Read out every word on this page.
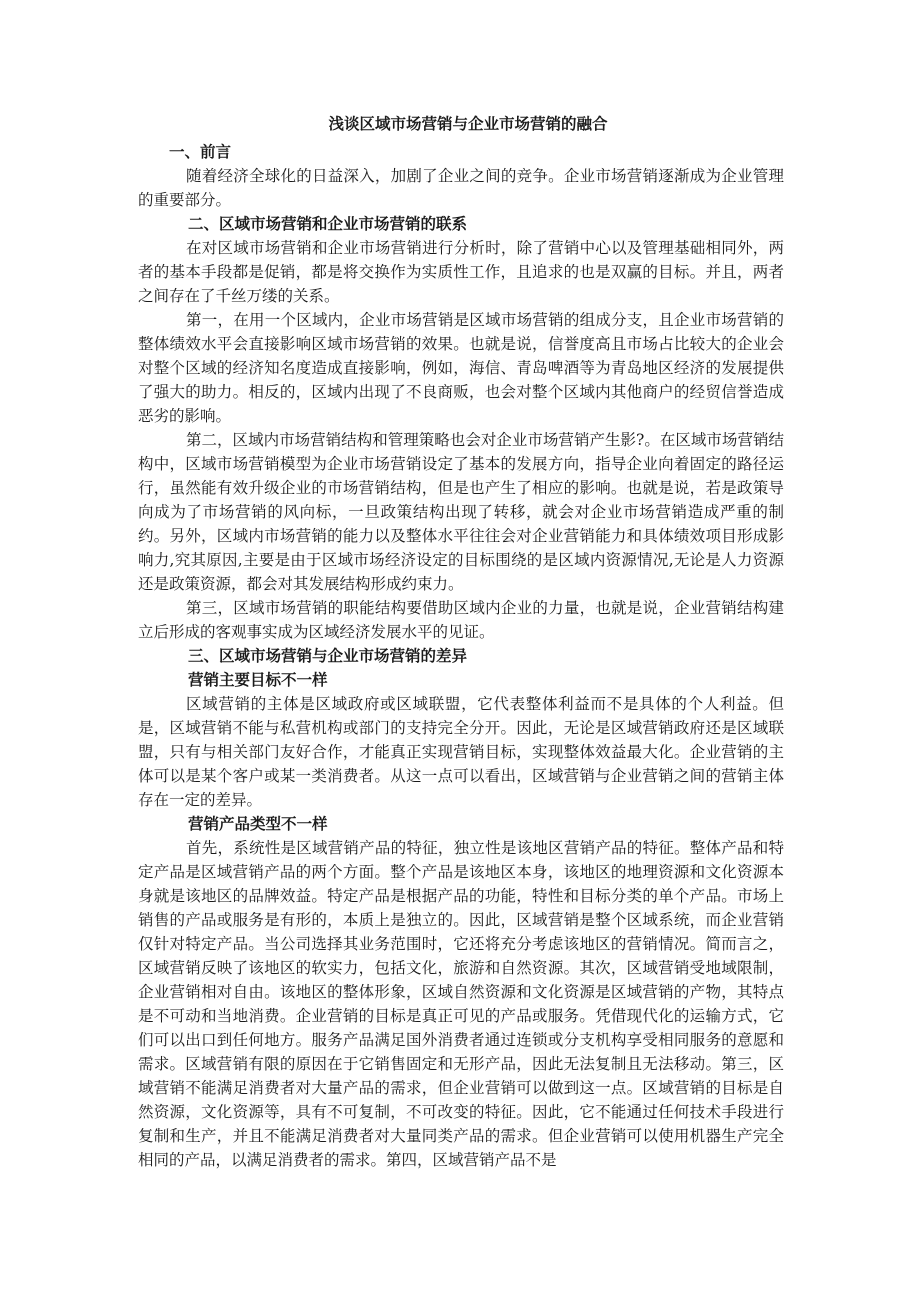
浅谈区域市场营销与企业市场营销的融合
一、前言

随着经济全球化的日益深入，加剧了企业之间的竞争。企业市场营销逐渐成为企业管理的重要部分。

二、区域市场营销和企业市场营销的联系

在对区域市场营销和企业市场营销进行分析时，除了营销中心以及管理基础相同外，两者的基本手段都是促销，都是将交换作为实质性工作，且追求的也是双赢的目标。并且，两者之间存在了千丝万缕的关系。

第一，在用一个区域内，企业市场营销是区域市场营销的组成分支，且企业市场营销的整体绩效水平会直接影响区域市场营销的效果。也就是说，信誉度高且市场占比较大的企业会对整个区域的经济知名度造成直接影响，例如，海信、青岛啤酒等为青岛地区经济的发展提供了强大的助力。相反的，区域内出现了不良商贩，也会对整个区域内其他商户的经贸信誉造成恶劣的影响。

第二，区域内市场营销结构和管理策略也会对企业市场营销产生影?。在区域市场营销结构中，区域市场营销模型为企业市场营销设定了基本的发展方向，指导企业向着固定的路径运行，虽然能有效升级企业的市场营销结构，但是也产生了相应的影响。也就是说，若是政策导向成为了市场营销的风向标，一旦政策结构出现了转移，就会对企业市场营销造成严重的制约。另外，区域内市场营销的能力以及整体水平往往会对企业营销能力和具体绩效项目形成影响力,究其原因,主要是由于区域市场经济设定的目标围绕的是区域内资源情况,无论是人力资源还是政策资源，都会对其发展结构形成约束力。

第三，区域市场营销的职能结构要借助区域内企业的力量，也就是说，企业营销结构建立后形成的客观事实成为区域经济发展水平的见证。

三、区域市场营销与企业市场营销的差异
营销主要目标不一样

区域营销的主体是区域政府或区域联盟，它代表整体利益而不是具体的个人利益。但是，区域营销不能与私营机构或部门的支持完全分开。因此，无论是区域营销政府还是区域联盟，只有与相关部门友好合作，才能真正实现营销目标，实现整体效益最大化。企业营销的主体可以是某个客户或某一类消费者。从这一点可以看出，区域营销与企业营销之间的营销主体存在一定的差异。

营销产品类型不一样

首先，系统性是区域营销产品的特征，独立性是该地区营销产品的特征。整体产品和特定产品是区域营销产品的两个方面。整个产品是该地区本身，该地区的地理资源和文化资源本身就是该地区的品牌效益。特定产品是根据产品的功能，特性和目标分类的单个产品。市场上销售的产品或服务是有形的，本质上是独立的。因此，区域营销是整个区域系统，而企业营销仅针对特定产品。当公司选择其业务范围时，它还将充分考虑该地区的营销情况。简而言之，区域营销反映了该地区的软实力，包括文化，旅游和自然资源。其次，区域营销受地域限制，企业营销相对自由。该地区的整体形象，区域自然资源和文化资源是区域营销的产物，其特点是不可动和当地消费。企业营销的目标是真正可见的产品或服务。凭借现代化的运输方式，它们可以出口到任何地方。服务产品满足国外消费者通过连锁或分支机构享受相同服务的意愿和需求。区域营销有限的原因在于它销售固定和无形产品，因此无法复制且无法移动。第三，区域营销不能满足消费者对大量产品的需求，但企业营销可以做到这一点。区域营销的目标是自然资源，文化资源等，具有不可复制，不可改变的特征。因此，它不能通过任何技术手段进行复制和生产，并且不能满足消费者对大量同类产品的需求。但企业营销可以使用机器生产完全相同的产品，以满足消费者的需求。第四，区域营销产品不是
